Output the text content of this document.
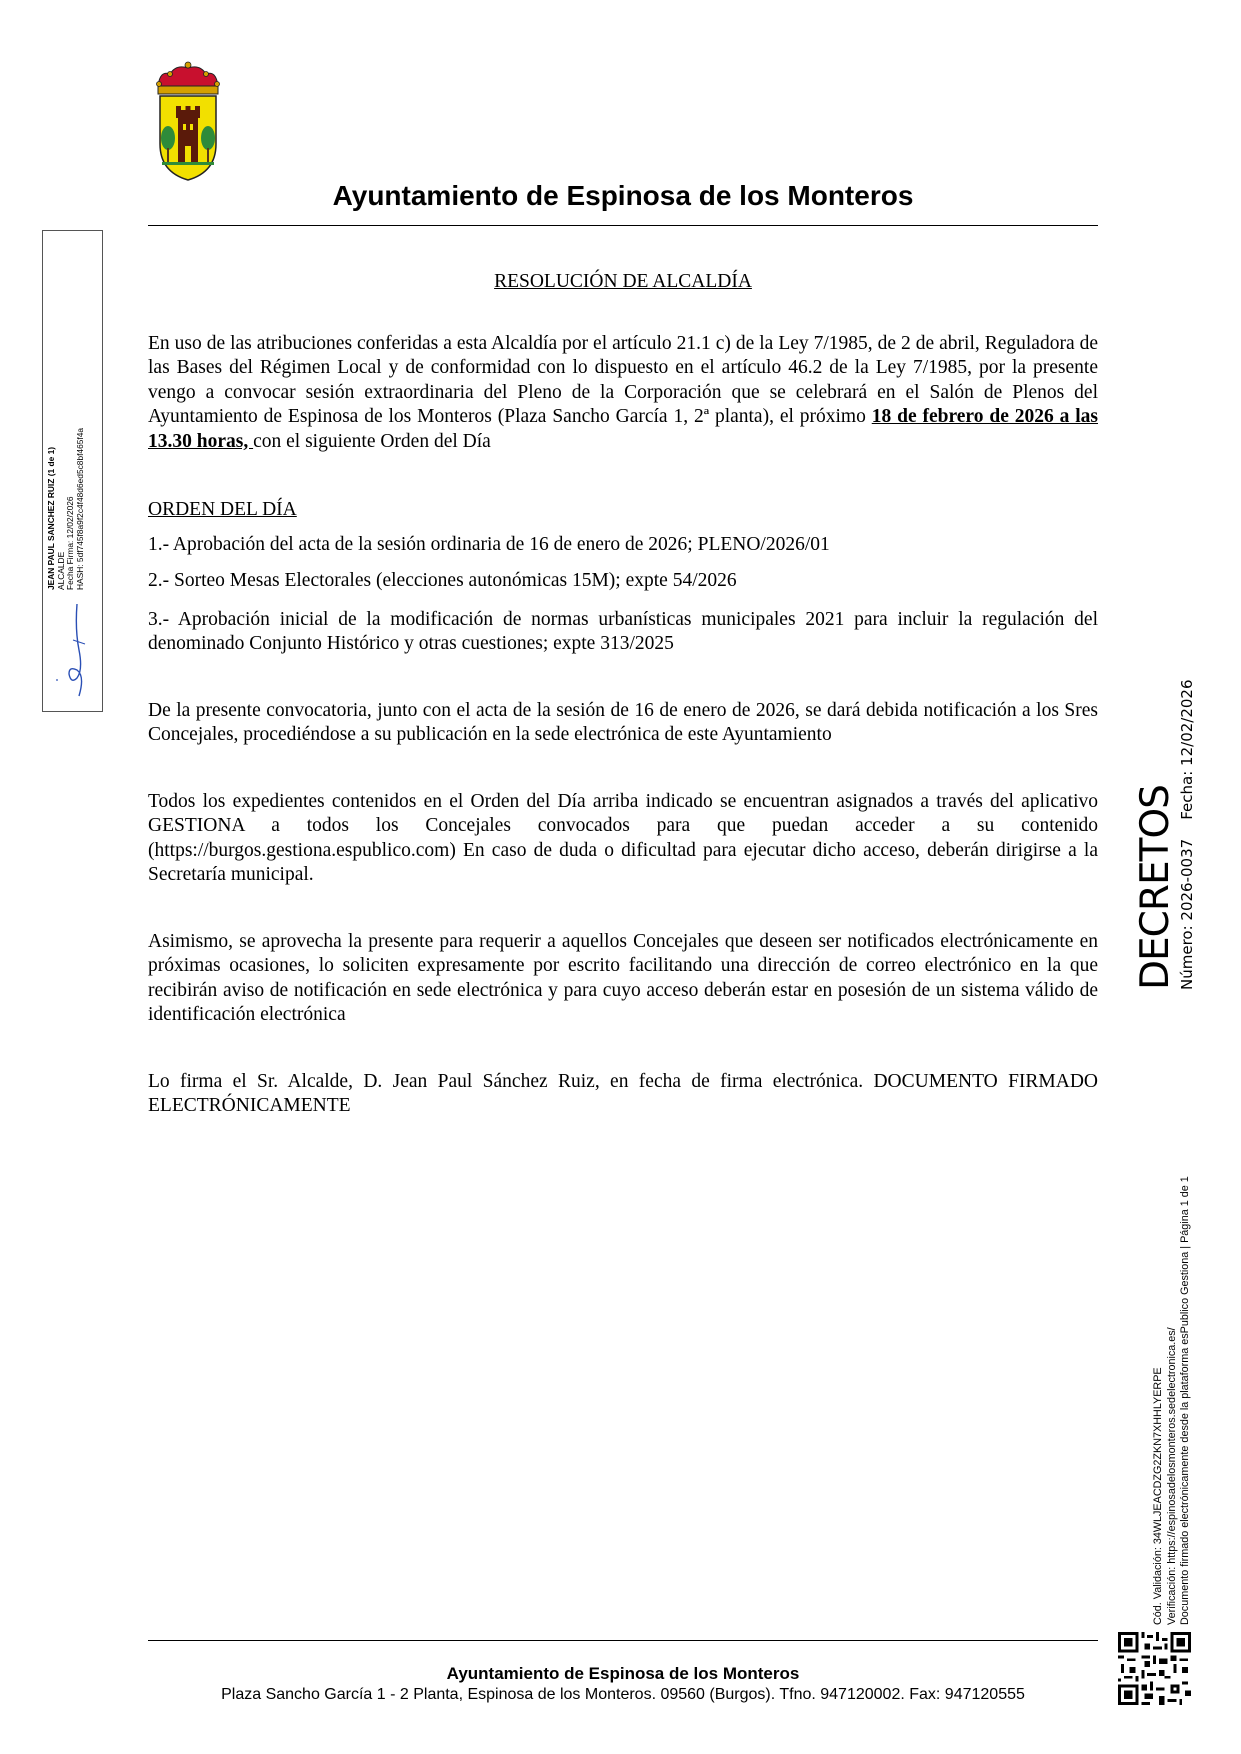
Ayuntamiento de Espinosa de los Monteros
JEAN PAUL SANCHEZ RUIZ (1 de 1) ALCALDE Fecha Firma: 12/02/2026 HASH: 5df745f8a9f2c4f48d6ed5c8bf465f4a
RESOLUCIÓN DE ALCALDÍA

En uso de las atribuciones conferidas a esta Alcaldía por el artículo 21.1 c) de la Ley 7/1985, de 2 de abril, Reguladora de las Bases del Régimen Local y de conformidad con lo dispuesto en el artículo 46.2 de la Ley 7/1985, por la presente vengo a convocar sesión extraordinaria del Pleno de la Corporación que se celebrará en el Salón de Plenos del Ayuntamiento de Espinosa de los Monteros (Plaza Sancho García 1, 2ª planta), el próximo 18 de febrero de 2026 a las 13.30 horas, con el siguiente Orden del Día

ORDEN DEL DÍA

1.- Aprobación del acta de la sesión ordinaria de 16 de enero de 2026; PLENO/2026/01

2.- Sorteo Mesas Electorales (elecciones autonómicas 15M); expte 54/2026

3.- Aprobación inicial de la modificación de normas urbanísticas municipales 2021 para incluir la regulación del denominado Conjunto Histórico y otras cuestiones; expte 313/2025

De la presente convocatoria, junto con el acta de la sesión de 16 de enero de 2026, se dará debida notificación a los Sres Concejales, procediéndose a su publicación en la sede electrónica de este Ayuntamiento

Todos los expedientes contenidos en el Orden del Día arriba indicado se encuentran asignados a través del aplicativo GESTIONA a todos los Concejales convocados para que puedan acceder a su contenido (https://burgos.gestiona.espublico.com) En caso de duda o dificultad para ejecutar dicho acceso, deberán dirigirse a la Secretaría municipal.

Asimismo, se aprovecha la presente para requerir a aquellos Concejales que deseen ser notificados electrónicamente en próximas ocasiones, lo soliciten expresamente por escrito facilitando una dirección de correo electrónico en la que recibirán aviso de notificación en sede electrónica y para cuyo acceso deberán estar en posesión de un sistema válido de identificación electrónica

Lo firma el Sr. Alcalde, D. Jean Paul Sánchez Ruiz, en fecha de firma electrónica. DOCUMENTO FIRMADO ELECTRÓNICAMENTE

DECRETOS Número: 2026-0037    Fecha: 12/02/2026
Cód. Validación: 34WLJEACDZG2ZKN7XHHLYERPE Verificación: https://espinosadelosmonteros.sedelectronica.es/ Documento firmado electrónicamente desde la plataforma esPublico Gestiona | Página 1 de 1
Ayuntamiento de Espinosa de los Monteros
Plaza Sancho García 1 - 2 Planta, Espinosa de los Monteros. 09560 (Burgos). Tfno. 947120002. Fax: 947120555
